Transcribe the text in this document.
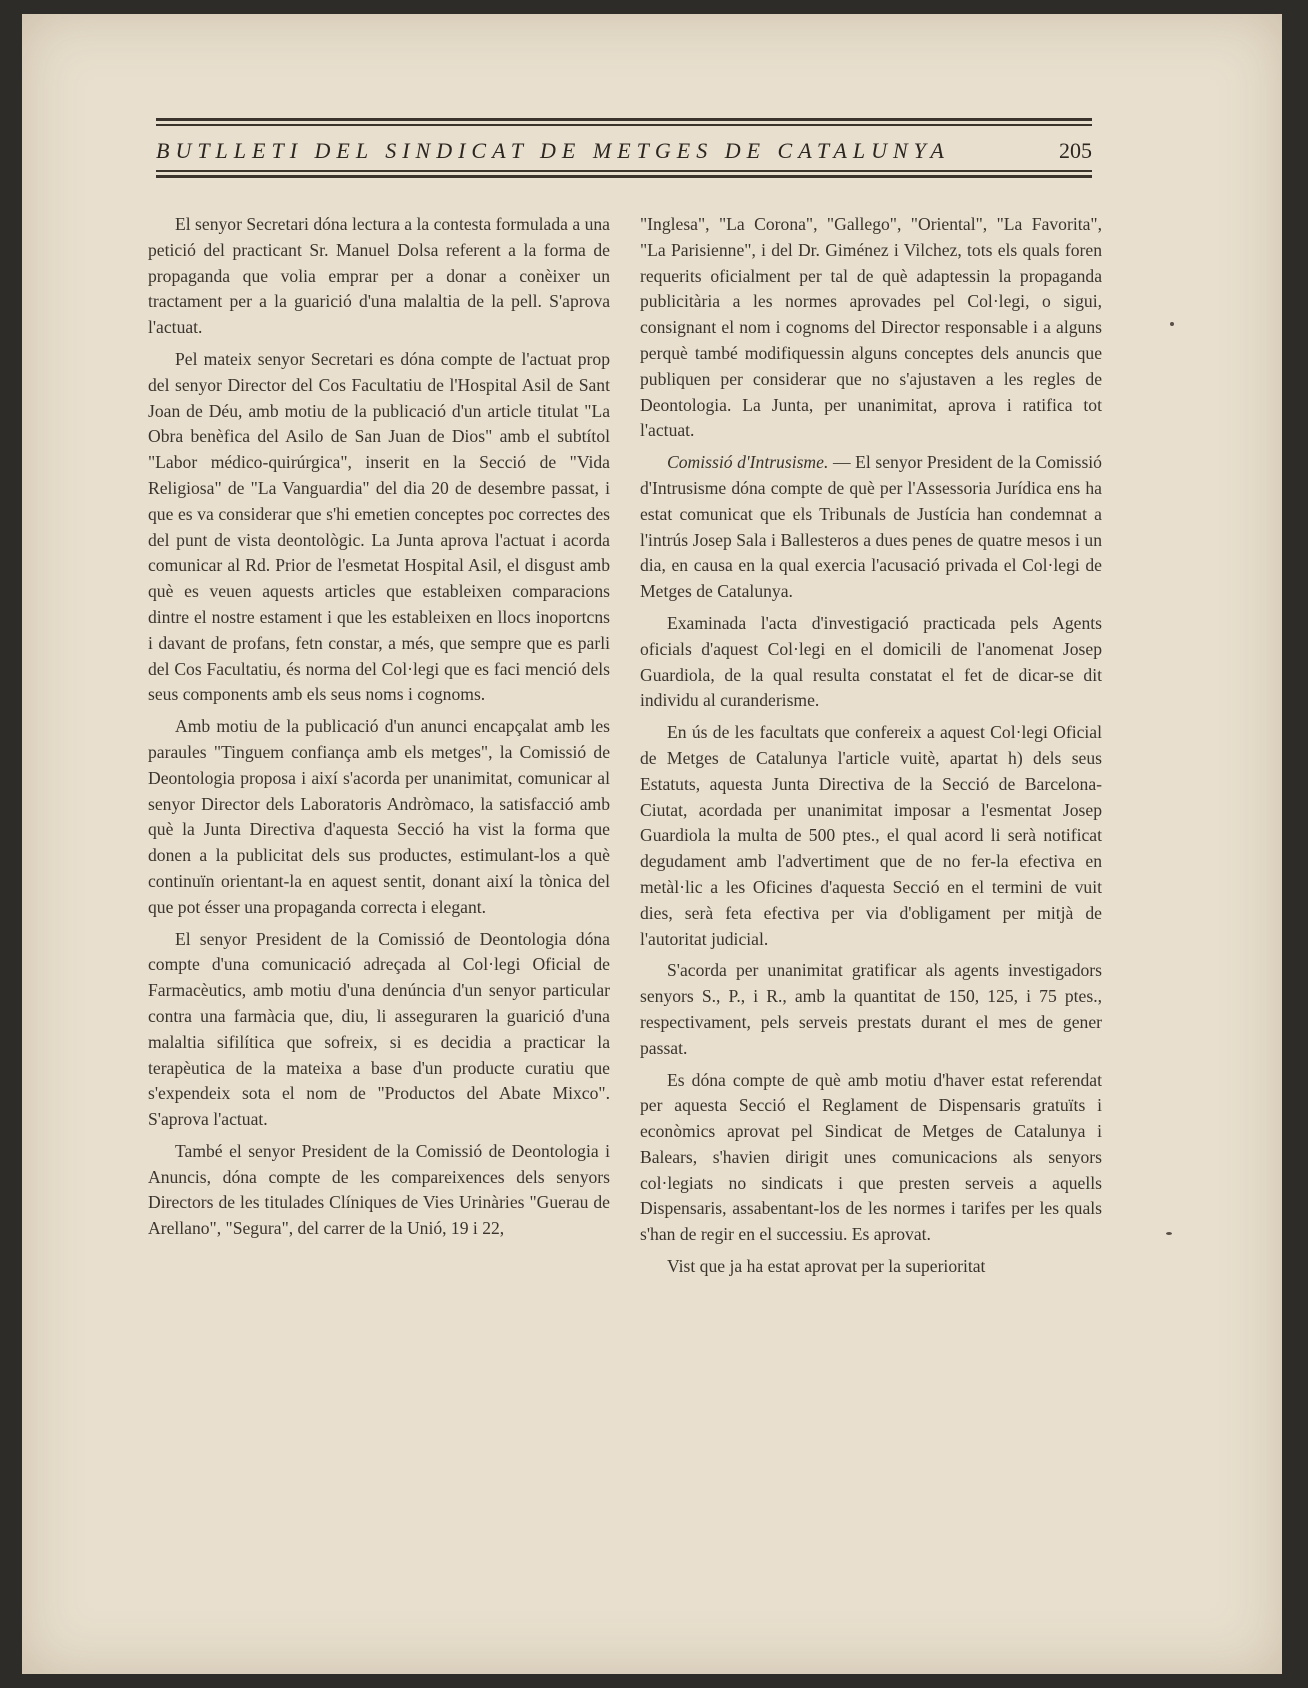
BUTLLETI DEL SINDICAT DE METGES DE CATALUNYA	205

El senyor Secretari dóna lectura a la contesta formulada a una petició del practicant Sr. Manuel Dolsa referent a la forma de propaganda que volia emprar per a donar a conèixer un tractament per a la guarició d'una malaltia de la pell. S'aprova l'actuat.

Pel mateix senyor Secretari es dóna compte de l'actuat prop del senyor Director del Cos Facultatiu de l'Hospital Asil de Sant Joan de Déu, amb motiu de la publicació d'un article titulat "La Obra benèfica del Asilo de San Juan de Dios" amb el subtítol "Labor médico-quirúrgica", inserit en la Secció de "Vida Religiosa" de "La Vanguardia" del dia 20 de desembre passat, i que es va considerar que s'hi emetien conceptes poc correctes des del punt de vista deontològic. La Junta aprova l'actuat i acorda comunicar al Rd. Prior de l'esmetat Hospital Asil, el disgust amb què es veuen aquests articles que estableixen comparacions dintre el nostre estament i que les estableixen en llocs inoportcns i davant de profans, fetn constar, a més, que sempre que es parli del Cos Facultatiu, és norma del Col·legi que es faci menció dels seus components amb els seus noms i cognoms.

Amb motiu de la publicació d'un anunci encapçalat amb les paraules "Tinguem confiança amb els metges", la Comissió de Deontologia proposa i així s'acorda per unanimitat, comunicar al senyor Director dels Laboratoris Andròmaco, la satisfacció amb què la Junta Directiva d'aquesta Secció ha vist la forma que donen a la publicitat dels sus productes, estimulant-los a què continuïn orientant-la en aquest sentit, donant així la tònica del que pot ésser una propaganda correcta i elegant.

El senyor President de la Comissió de Deontologia dóna compte d'una comunicació adreçada al Col·legi Oficial de Farmacèutics, amb motiu d'una denúncia d'un senyor particular contra una farmàcia que, diu, li asseguraren la guarició d'una malaltia sifilítica que sofreix, si es decidia a practicar la terapèutica de la mateixa a base d'un producte curatiu que s'expendeix sota el nom de "Productos del Abate Mixco". S'aprova l'actuat.

També el senyor President de la Comissió de Deontologia i Anuncis, dóna compte de les compareixences dels senyors Directors de les titulades Clíniques de Vies Urinàries "Guerau de Arellano", "Segura", del carrer de la Unió, 19 i 22,

"Inglesa", "La Corona", "Gallego", "Oriental", "La Favorita", "La Parisienne", i del Dr. Giménez i Vilchez, tots els quals foren requerits oficialment per tal de què adaptessin la propaganda publicitària a les normes aprovades pel Col·legi, o sigui, consignant el nom i cognoms del Director responsable i a alguns perquè també modifiquessin alguns conceptes dels anuncis que publiquen per considerar que no s'ajustaven a les regles de Deontologia. La Junta, per unanimitat, aprova i ratifica tot l'actuat.

Comissió d'Intrusisme. — El senyor President de la Comissió d'Intrusisme dóna compte de què per l'Assessoria Jurídica ens ha estat comunicat que els Tribunals de Justícia han condemnat a l'intrús Josep Sala i Ballesteros a dues penes de quatre mesos i un dia, en causa en la qual exercia l'acusació privada el Col·legi de Metges de Catalunya.

Examinada l'acta d'investigació practicada pels Agents oficials d'aquest Col·legi en el domicili de l'anomenat Josep Guardiola, de la qual resulta constatat el fet de dicar-se dit individu al curanderisme.

En ús de les facultats que confereix a aquest Col·legi Oficial de Metges de Catalunya l'article vuitè, apartat h) dels seus Estatuts, aquesta Junta Directiva de la Secció de Barcelona-Ciutat, acordada per unanimitat imposar a l'esmentat Josep Guardiola la multa de 500 ptes., el qual acord li serà notificat degudament amb l'advertiment que de no fer-la efectiva en metàl·lic a les Oficines d'aquesta Secció en el termini de vuit dies, serà feta efectiva per via d'obligament per mitjà de l'autoritat judicial.

S'acorda per unanimitat gratificar als agents investigadors senyors S., P., i R., amb la quantitat de 150, 125, i 75 ptes., respectivament, pels serveis prestats durant el mes de gener passat.

Es dóna compte de què amb motiu d'haver estat referendat per aquesta Secció el Reglament de Dispensaris gratuïts i econòmics aprovat pel Sindicat de Metges de Catalunya i Balears, s'havien dirigit unes comunicacions als senyors col·legiats no sindicats i que presten serveis a aquells Dispensaris, assabentant-los de les normes i tarifes per les quals s'han de regir en el successiu. Es aprovat.

Vist que ja ha estat aprovat per la superioritat
